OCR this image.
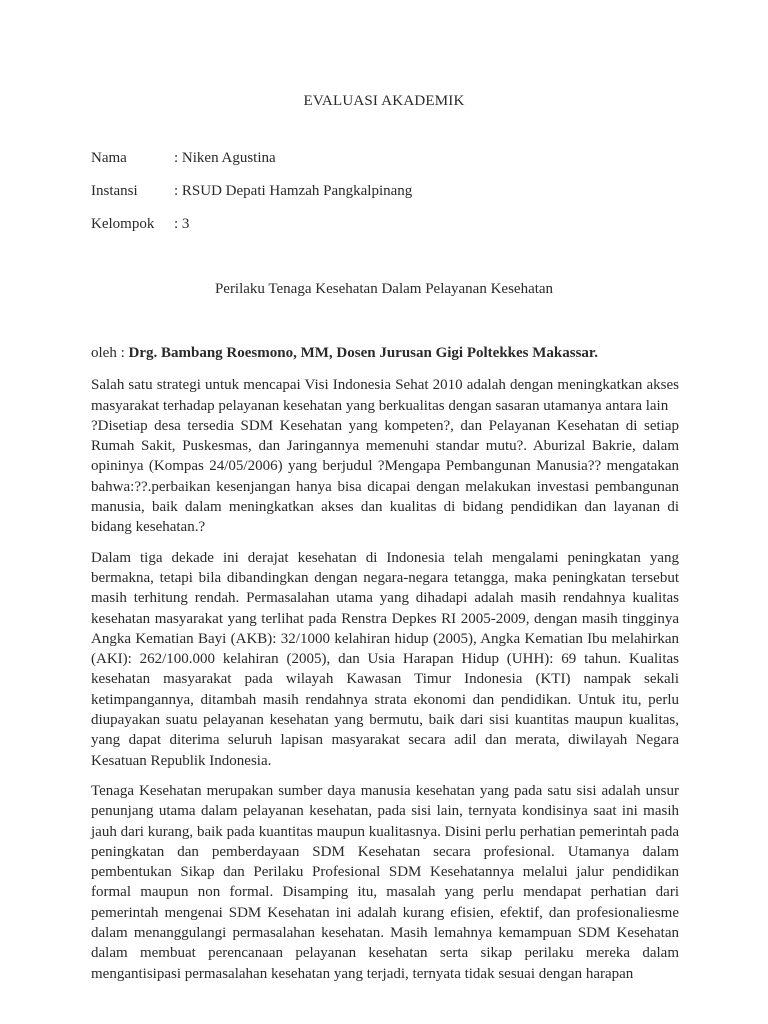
EVALUASI AKADEMIK
Nama	: Niken Agustina
Instansi : RSUD Depati Hamzah Pangkalpinang
Kelompok : 3
Perilaku Tenaga Kesehatan Dalam Pelayanan Kesehatan

oleh : Drg. Bambang Roesmono, MM, Dosen Jurusan Gigi Poltekkes Makassar.

Salah satu strategi untuk mencapai Visi Indonesia Sehat 2010 adalah dengan meningkatkan akses masyarakat terhadap pelayanan kesehatan yang berkualitas dengan sasaran utamanya antara lain

?Disetiap desa tersedia SDM Kesehatan yang kompeten?, dan Pelayanan Kesehatan di setiap Rumah Sakit, Puskesmas, dan Jaringannya memenuhi standar mutu?. Aburizal Bakrie, dalam opininya (Kompas 24/05/2006) yang berjudul ?Mengapa Pembangunan Manusia?? mengatakan bahwa:??.perbaikan kesenjangan hanya bisa dicapai dengan melakukan investasi pembangunan manusia, baik dalam meningkatkan akses dan kualitas di bidang pendidikan dan layanan di bidang kesehatan.?

Dalam tiga dekade ini derajat kesehatan di Indonesia telah mengalami peningkatan yang bermakna, tetapi bila dibandingkan dengan negara-negara tetangga, maka peningkatan tersebut masih terhitung rendah. Permasalahan utama yang dihadapi adalah masih rendahnya kualitas kesehatan masyarakat yang terlihat pada Renstra Depkes RI 2005-2009, dengan masih tingginya Angka Kematian Bayi (AKB): 32/1000 kelahiran hidup (2005), Angka Kematian Ibu melahirkan (AKI): 262/100.000 kelahiran (2005), dan Usia Harapan Hidup (UHH): 69 tahun. Kualitas kesehatan masyarakat pada wilayah Kawasan Timur Indonesia (KTI) nampak sekali ketimpangannya, ditambah masih rendahnya strata ekonomi dan pendidikan. Untuk itu, perlu diupayakan suatu pelayanan kesehatan yang bermutu, baik dari sisi kuantitas maupun kualitas, yang dapat diterima seluruh lapisan masyarakat secara adil dan merata, diwilayah Negara Kesatuan Republik Indonesia.

Tenaga Kesehatan merupakan sumber daya manusia kesehatan yang pada satu sisi adalah unsur penunjang utama dalam pelayanan kesehatan, pada sisi lain, ternyata kondisinya saat ini masih jauh dari kurang, baik pada kuantitas maupun kualitasnya. Disini perlu perhatian pemerintah pada peningkatan dan pemberdayaan SDM Kesehatan secara profesional. Utamanya dalam pembentukan Sikap dan Perilaku Profesional SDM Kesehatannya melalui jalur pendidikan formal maupun non formal. Disamping itu, masalah yang perlu mendapat perhatian dari pemerintah mengenai SDM Kesehatan ini adalah kurang efisien, efektif, dan profesionaliesme dalam menanggulangi permasalahan kesehatan. Masih lemahnya kemampuan SDM Kesehatan dalam membuat perencanaan pelayanan kesehatan serta sikap perilaku mereka dalam mengantisipasi permasalahan kesehatan yang terjadi, ternyata tidak sesuai dengan harapan
